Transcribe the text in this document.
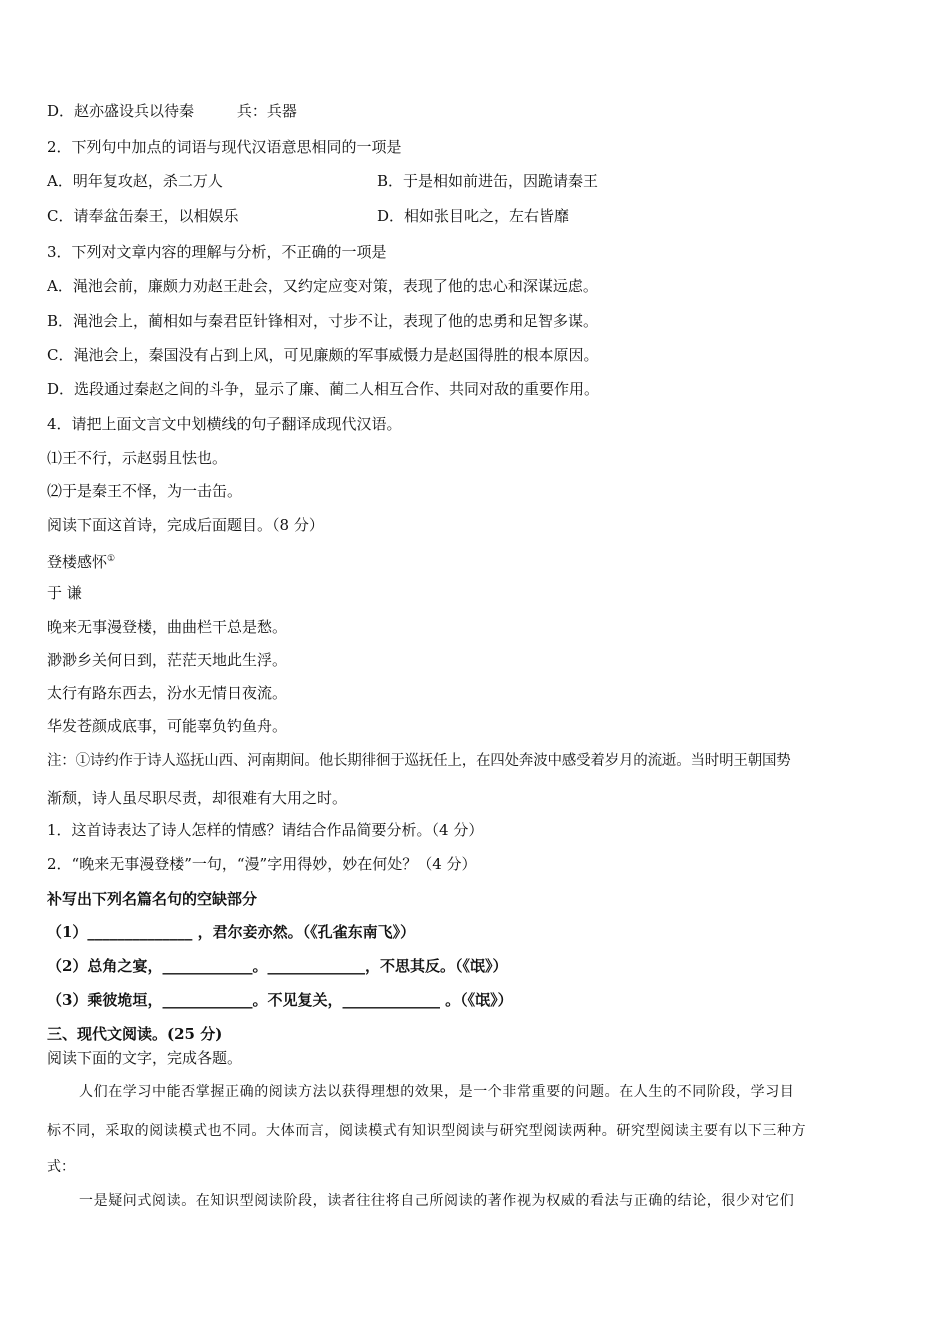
D．赵亦盛设兵以待秦	兵：兵器
2．下列句中加点的词语与现代汉语意思相同的一项是
A．明年复攻赵，杀二万人	B．于是相如前进缶，因跪请秦王
C．请奉盆缶秦王，以相娱乐	D．相如张目叱之，左右皆靡
3．下列对文章内容的理解与分析，不正确的一项是
A．渑池会前，廉颇力劝赵王赴会，又约定应变对策，表现了他的忠心和深谋远虑。
B．渑池会上，蔺相如与秦君臣针锋相对，寸步不让，表现了他的忠勇和足智多谋。
C．渑池会上，秦国没有占到上风，可见廉颇的军事威慑力是赵国得胜的根本原因。
D．选段通过秦赵之间的斗争，显示了廉、蔺二人相互合作、共同对敌的重要作用。
4．请把上面文言文中划横线的句子翻译成现代汉语。
⑴王不行，示赵弱且怯也。
⑵于是秦王不怿，为一击缶。
阅读下面这首诗，完成后面题目。（8 分）
登楼感怀①
于 谦
晚来无事漫登楼，曲曲栏干总是愁。
渺渺乡关何日到，茫茫天地此生浮。
太行有路东西去，汾水无情日夜流。
华发苍颜成底事，可能辜负钓鱼舟。
注：①诗约作于诗人巡抚山西、河南期间。他长期徘徊于巡抚任上，在四处奔波中感受着岁月的流逝。当时明王朝国势
渐颓，诗人虽尽职尽责，却很难有大用之时。
1．这首诗表达了诗人怎样的情感？请结合作品简要分析。（4 分）
2．“晚来无事漫登楼”一句，“漫”字用得妙，妙在何处？（4 分）
补写出下列名篇名句的空缺部分
（1）______________ ，君尔妾亦然。（《孔雀东南飞》）
（2）总角之宴，____________。_____________，不思其反。（《氓》）
（3）乘彼垝垣，____________。不见复关，_____________ 。（《氓》）
三、现代文阅读。(25 分)
阅读下面的文字，完成各题。
人们在学习中能否掌握正确的阅读方法以获得理想的效果，是一个非常重要的问题。在人生的不同阶段，学习目
标不同，采取的阅读模式也不同。大体而言，阅读模式有知识型阅读与研究型阅读两种。研究型阅读主要有以下三种方
式：
一是疑问式阅读。在知识型阅读阶段，读者往往将自己所阅读的著作视为权威的看法与正确的结论，很少对它们
